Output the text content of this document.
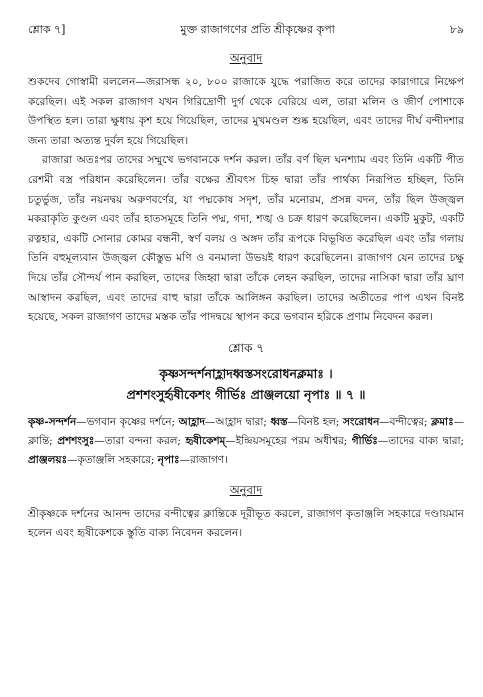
শ্লোক ৭]	মুক্ত রাজাগণের প্রতি শ্রীকৃষ্ণের কৃপা	৮৯
অনুবাদ

শুকদেব গোস্বামী বললেন—জরাসন্ধ ২০, ৮০০ রাজাকে যুদ্ধে পরাজিত করে তাদের কারাগারে নিক্ষেপ করেছিল। এই সকল রাজাগণ যখন গিরিদ্রোণী দুর্গ থেকে বেরিয়ে এল, তারা মলিন ও জীর্ণ পোশাকে উপস্থিত হল। তারা ক্ষুধায় কৃশ হয়ে গিয়েছিল, তাদের মুখমণ্ডল শুষ্ক হয়েছিল, এবং তাদের দীর্ঘ বন্দীদশার জন্য তারা অত্যন্ত দুর্বল হয়ে গিয়েছিল।

রাজারা অতঃপর তাদের সম্মুখে ভগবানকে দর্শন করল। তাঁর বর্ণ ছিল ঘনশ্যাম এবং তিনি একটি পীত রেশমী বস্ত্র পরিধান করেছিলেন। তাঁর বক্ষের শ্রীবৎস চিহ্ন দ্বারা তাঁর পার্থক্য নিরূপিত হচ্ছিল, তিনি চতুর্ভুজ, তাঁর নয়নদ্বয় অরুণবর্ণের, যা পদ্মকোষ সদৃশ, তাঁর মনোরম, প্রসন্ন বদন, তাঁর ছিল উজ্জ্বল মকরাকৃতি কুণ্ডল এবং তাঁর হাতসমূহে তিনি পদ্ম, গদা, শঙ্খ ও চক্র ধারণ করেছিলেন। একটি মুকুট, একটি রত্নহার, একটি সোনার কোমর বন্ধনী, স্বর্ণ বলয় ও অঙ্গদ তাঁর রূপকে বিভূষিত করেছিল এবং তাঁর গলায় তিনি বহুমূল্যবান উজ্জ্বল কৌস্তুভ মণি ও বনমালা উভয়ই ধারণ করেছিলেন। রাজাগণ যেন তাদের চক্ষু দিয়ে তাঁর সৌন্দর্য পান করছিল, তাদের জিহ্বা দ্বারা তাঁকে লেহন করছিল, তাদের নাসিকা দ্বারা তাঁর ঘ্রাণ আস্বাদন করছিল, এবং তাদের বাহু দ্বারা তাঁকে আলিঙ্গন করছিল। তাদের অতীতের পাপ এখন বিনষ্ট হয়েছে, সকল রাজাগণ তাদের মস্তক তাঁর পাদদ্বয়ে স্থাপন করে ভগবান হরিকে প্রণাম নিবেদন করল।

শ্লোক ৭
কৃষ্ণসন্দর্শনাহ্লাদধ্বস্তসংরোধনক্লমাঃ ।
প্রশশংসুর্হৃষীকেশং গীর্ভিঃ প্রাঞ্জলয়ো নৃপাঃ ॥ ৭ ॥

কৃষ্ণ-সন্দর্শন—ভগবান কৃষ্ণের দর্শনে; আহ্লাদ—আহ্লাদ দ্বারা; ধ্বস্ত—বিনষ্ট হল; সংরোধন—বন্দীত্বের; ক্লমাঃ—ক্লান্তি; প্রশশংসুঃ—তারা বন্দনা করল; হৃষীকেশম্—ইন্দ্রিয়সমূহের পরম অধীশ্বর; গীর্ভিঃ—তাদের বাক্য দ্বারা; প্রাঞ্জলয়ঃ—কৃতাঞ্জলি সহকারে; নৃপাঃ—রাজাগণ।

অনুবাদ

শ্রীকৃষ্ণকে দর্শনের আনন্দ তাদের বন্দীত্বের ক্লান্তিকে দূরীভূত করলে, রাজাগণ কৃতাঞ্জলি সহকারে দণ্ডায়মান হলেন এবং হৃষীকেশকে স্তুতি বাক্য নিবেদন করলেন।
